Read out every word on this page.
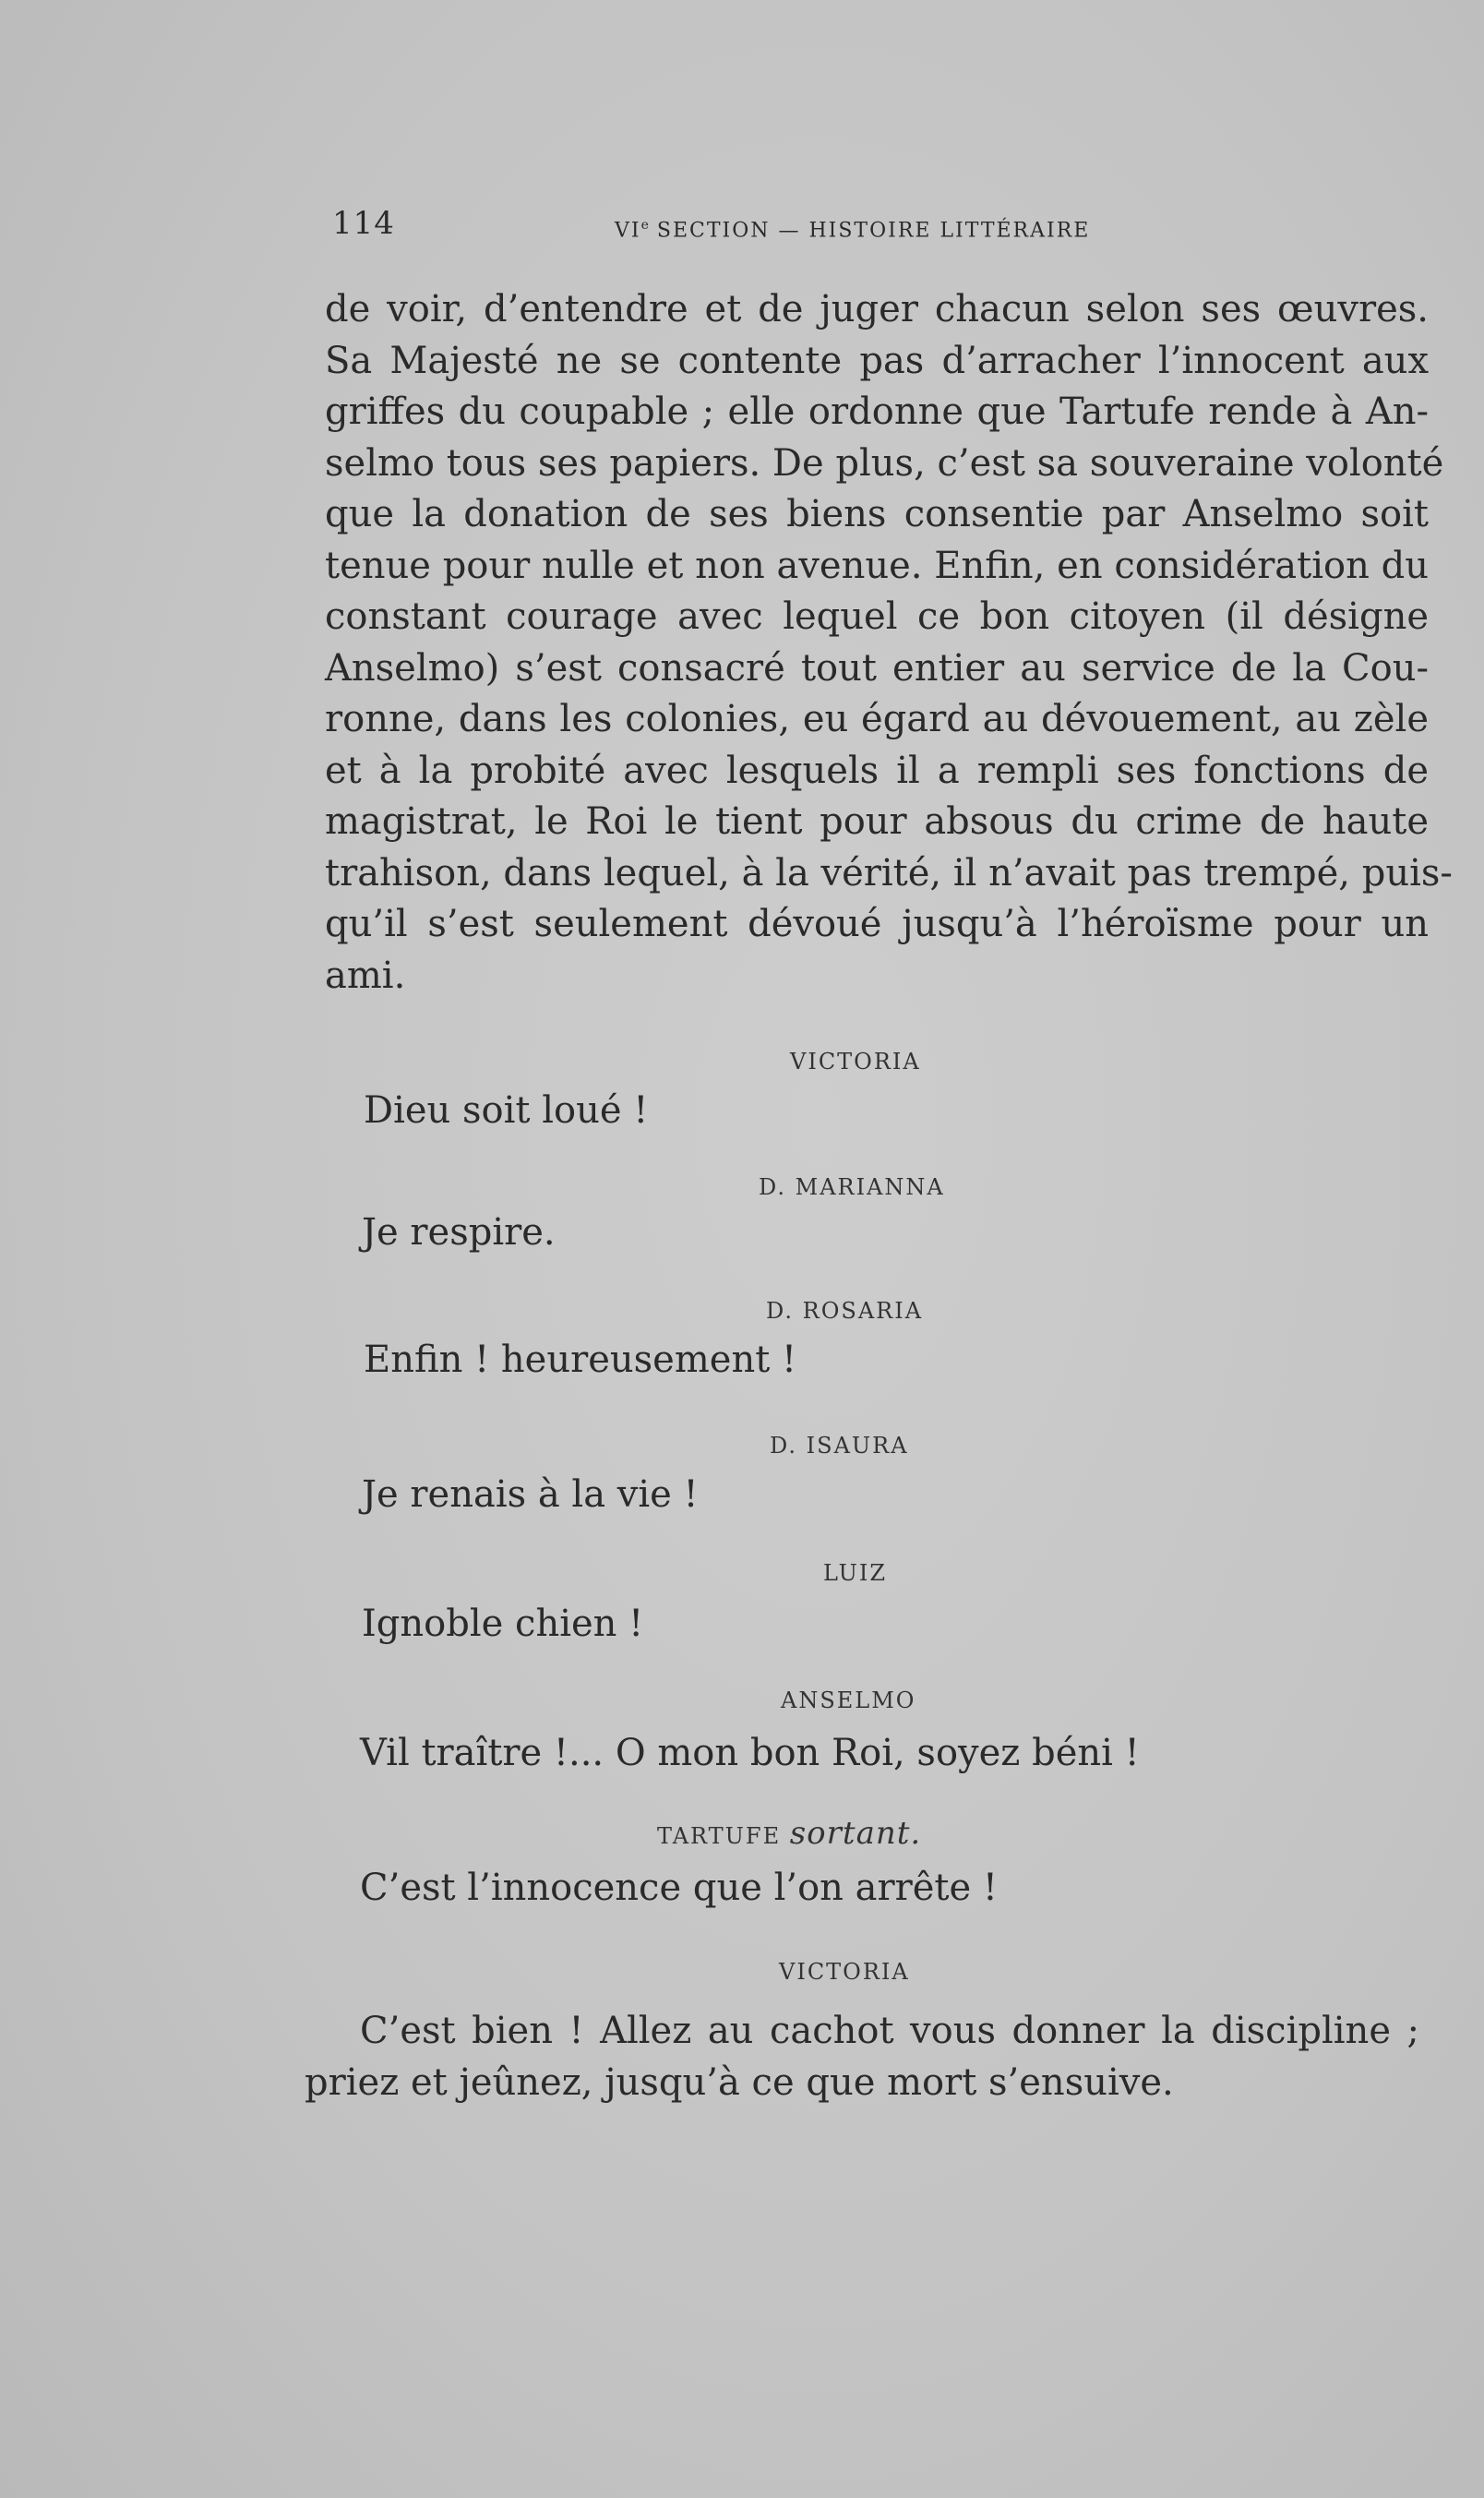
114	VIe SECTION — HISTOIRE LITTÉRAIRE
de voir, d’entendre et de juger chacun selon ses œuvres.
Sa Majesté ne se contente pas d’arracher l’innocent aux
griffes du coupable ; elle ordonne que Tartufe rende à An-
selmo tous ses papiers. De plus, c’est sa souveraine volonté
que la donation de ses biens consentie par Anselmo soit
tenue pour nulle et non avenue. Enfin, en considération du
constant courage avec lequel ce bon citoyen (il désigne
Anselmo) s’est consacré tout entier au service de la Cou-
ronne, dans les colonies, eu égard au dévouement, au zèle
et à la probité avec lesquels il a rempli ses fonctions de
magistrat, le Roi le tient pour absous du crime de haute
trahison, dans lequel, à la vérité, il n’avait pas trempé, puis-
qu’il s’est seulement dévoué jusqu’à l’héroïsme pour un
ami.
VICTORIA
Dieu soit loué !
D. MARIANNA
Je respire.
D. ROSARIA
Enfin ! heureusement !
D. ISAURA
Je renais à la vie !
LUIZ
Ignoble chien !
ANSELMO
Vil traître !... O mon bon Roi, soyez béni !
TARTUFE sortant.
C’est l’innocence que l’on arrête !
VICTORIA
C’est bien ! Allez au cachot vous donner la discipline ;
priez et jeûnez, jusqu’à ce que mort s’ensuive.
